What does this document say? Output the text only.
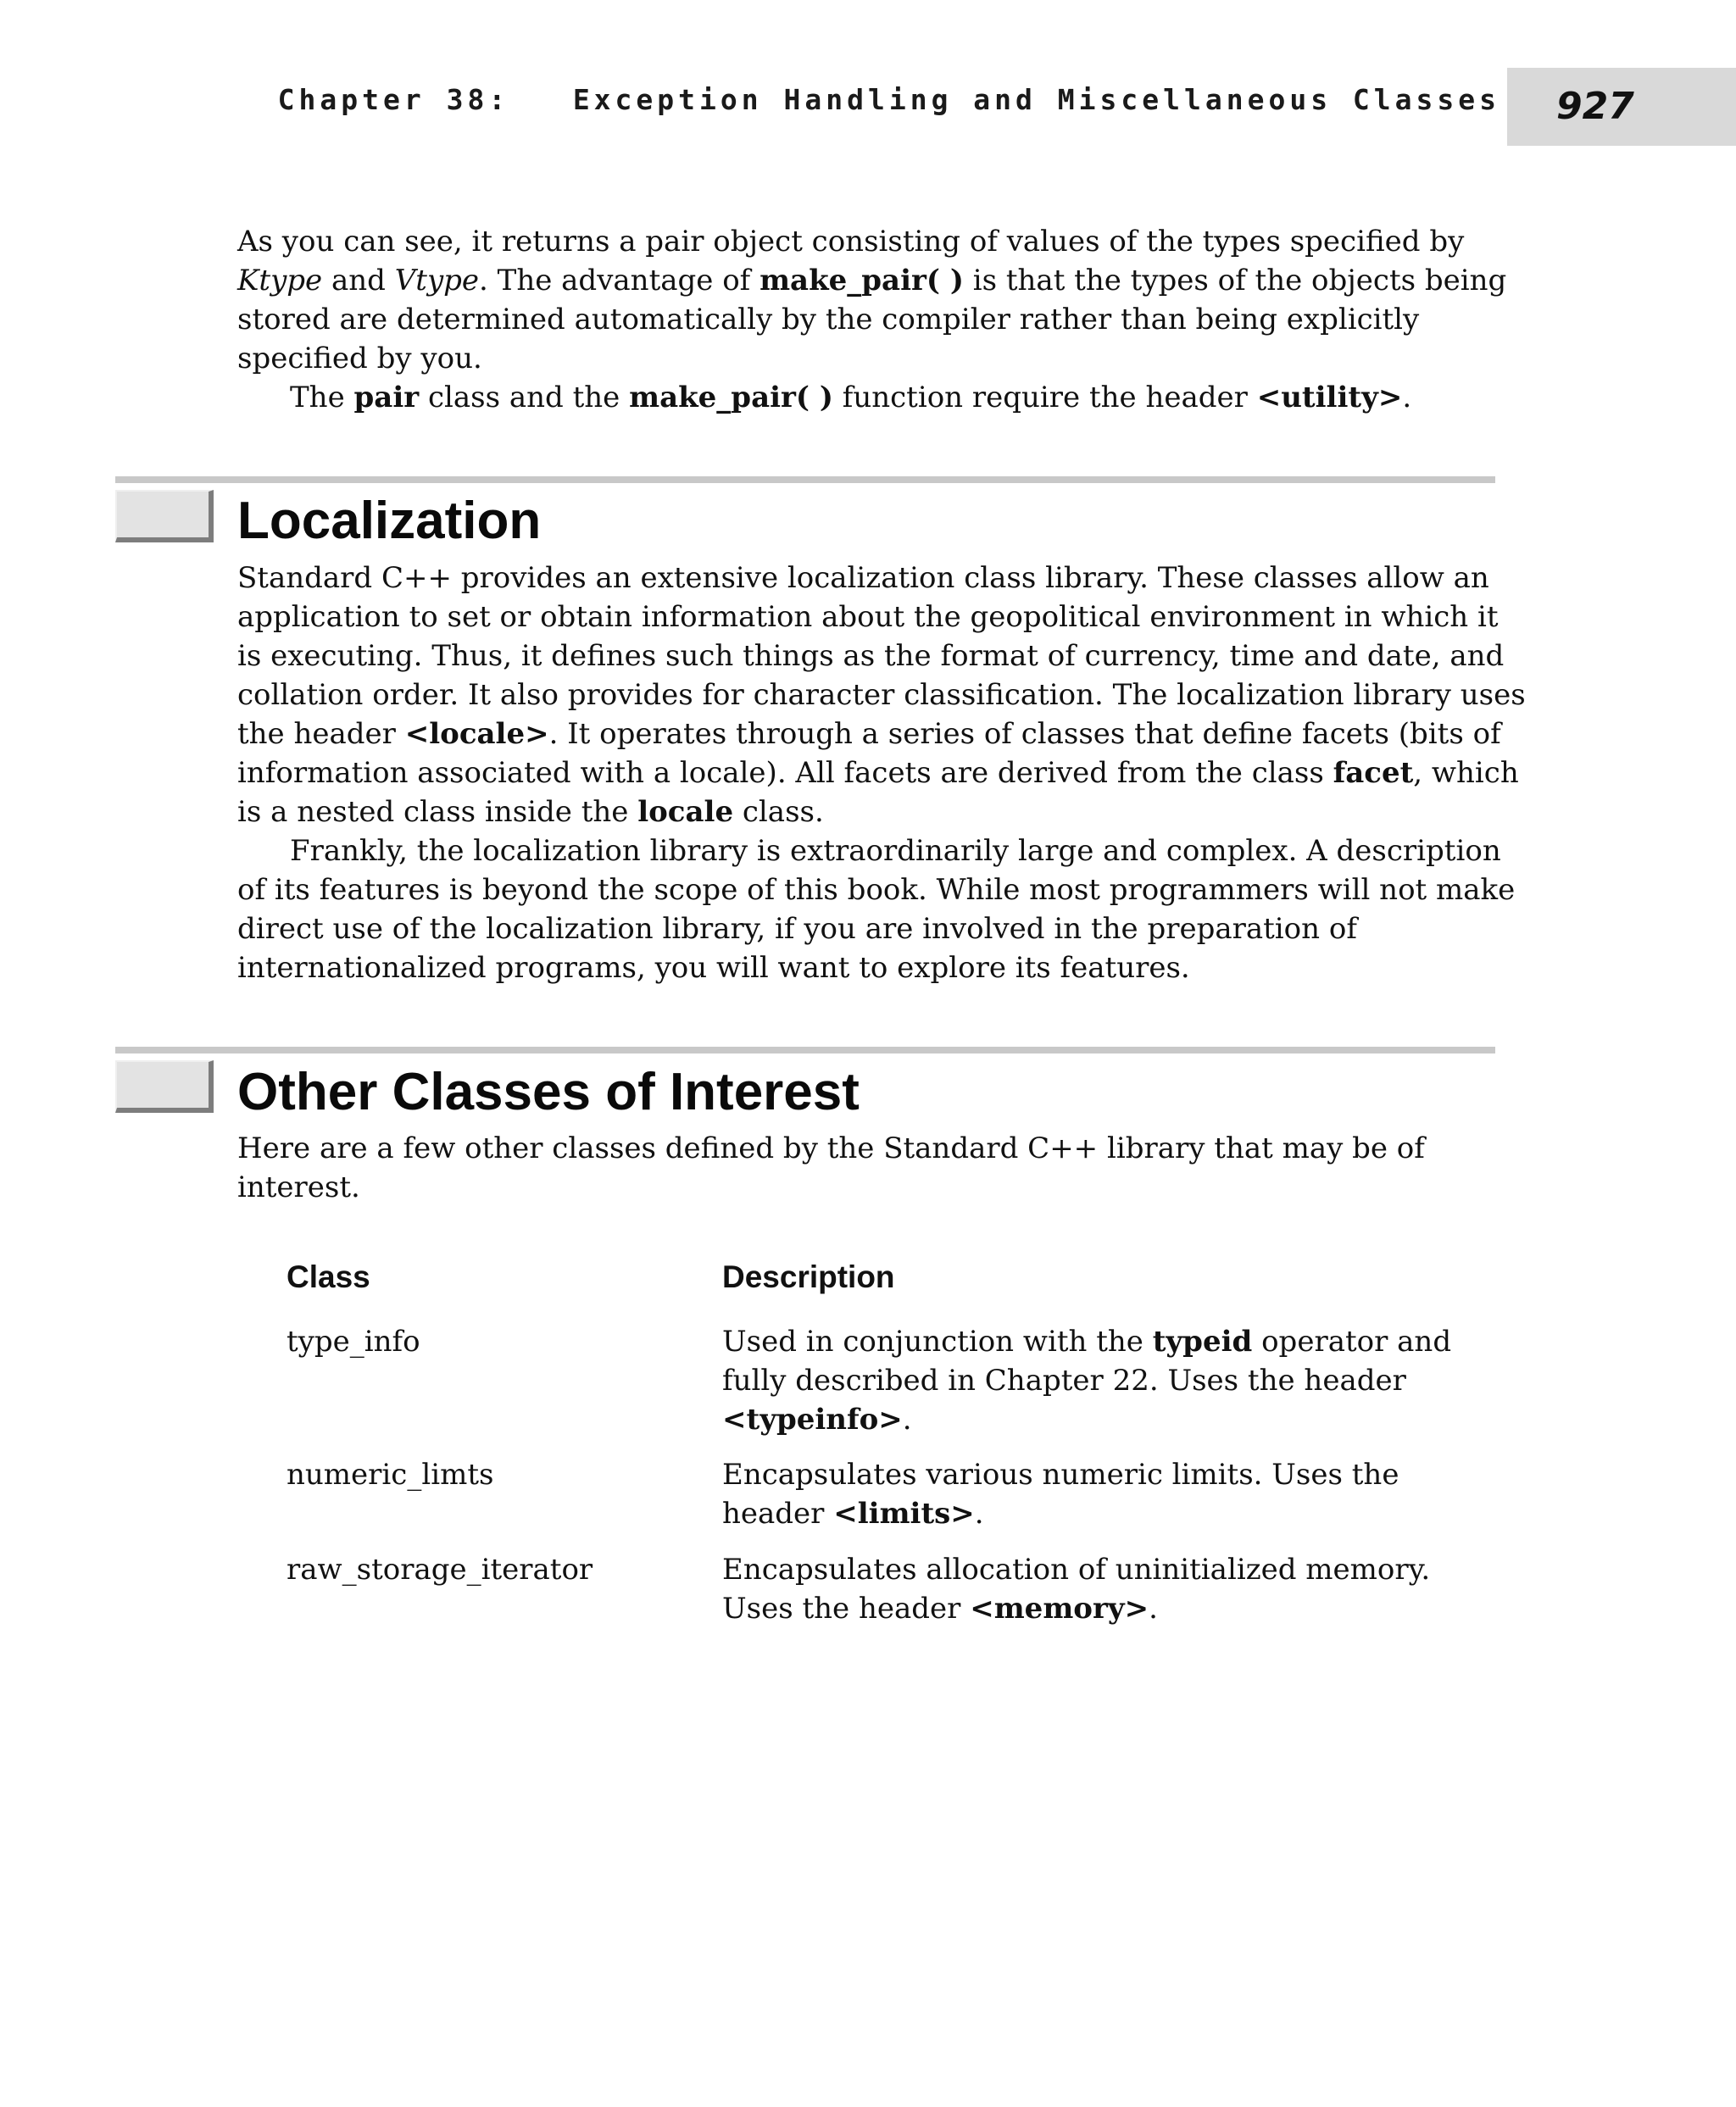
Chapter 38:   Exception Handling and Miscellaneous Classes 927
As you can see, it returns a pair object consisting of values of the types specified by
Ktype and Vtype. The advantage of make_pair( ) is that the types of the objects being
stored are determined automatically by the compiler rather than being explicitly
specified by you.
The pair class and the make_pair( ) function require the header <utility>.
Localization
Standard C++ provides an extensive localization class library. These classes allow an
application to set or obtain information about the geopolitical environment in which it
is executing. Thus, it defines such things as the format of currency, time and date, and
collation order. It also provides for character classification. The localization library uses
the header <locale>. It operates through a series of classes that define facets (bits of
information associated with a locale). All facets are derived from the class facet, which
is a nested class inside the locale class.
Frankly, the localization library is extraordinarily large and complex. A description
of its features is beyond the scope of this book. While most programmers will not make
direct use of the localization library, if you are involved in the preparation of
internationalized programs, you will want to explore its features.
Other Classes of Interest
Here are a few other classes defined by the Standard C++ library that may be of
interest.
Class	Description
type_info	Used in conjunction with the typeid operator and
fully described in Chapter 22. Uses the header
<typeinfo>.
numeric_limts	Encapsulates various numeric limits. Uses the
header <limits>.
raw_storage_iterator	Encapsulates allocation of uninitialized memory.
Uses the header <memory>.
